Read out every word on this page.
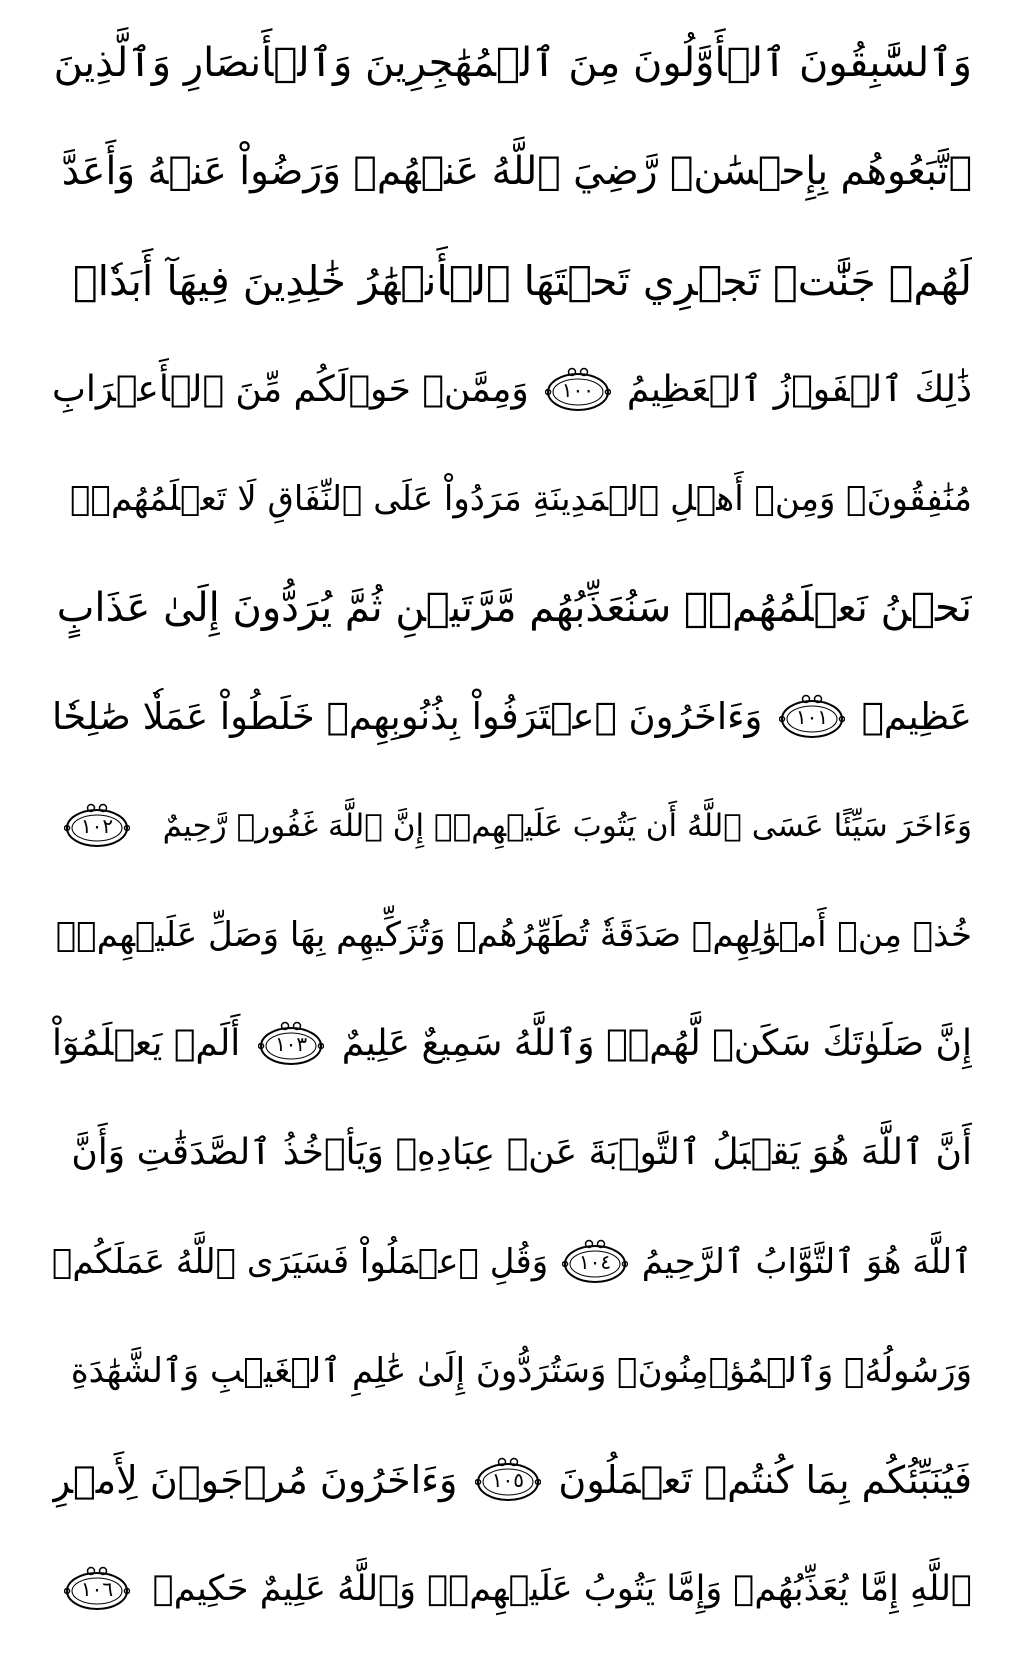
وَٱلسَّٰبِقُونَ ٱلۡأَوَّلُونَ مِنَ ٱلۡمُهَٰجِرِينَ وَٱلۡأَنصَارِ وَٱلَّذِينَ
ٱتَّبَعُوهُم بِإِحۡسَٰنٖ رَّضِيَ ٱللَّهُ عَنۡهُمۡ وَرَضُواْ عَنۡهُ وَأَعَدَّ
لَهُمۡ جَنَّٰتٖ تَجۡرِي تَحۡتَهَا ٱلۡأَنۡهَٰرُ خَٰلِدِينَ فِيهَآ أَبَدٗاۚ
ذَٰلِكَ ٱلۡفَوۡزُ ٱلۡعَظِيمُ
١٠٠
وَمِمَّنۡ حَوۡلَكُم مِّنَ ٱلۡأَعۡرَابِ
مُنَٰفِقُونَۖ وَمِنۡ أَهۡلِ ٱلۡمَدِينَةِ مَرَدُواْ عَلَى ٱلنِّفَاقِ لَا تَعۡلَمُهُمۡۖ
نَحۡنُ نَعۡلَمُهُمۡۚ سَنُعَذِّبُهُم مَّرَّتَيۡنِ ثُمَّ يُرَدُّونَ إِلَىٰ عَذَابٍ
عَظِيمٖ
١٠١
وَءَاخَرُونَ ٱعۡتَرَفُواْ بِذُنُوبِهِمۡ خَلَطُواْ عَمَلٗا صَٰلِحٗا
وَءَاخَرَ سَيِّئًا عَسَى ٱللَّهُ أَن يَتُوبَ عَلَيۡهِمۡۚ إِنَّ ٱللَّهَ غَفُورٞ رَّحِيمٌ
١٠٢
خُذۡ مِنۡ أَمۡوَٰلِهِمۡ صَدَقَةٗ تُطَهِّرُهُمۡ وَتُزَكِّيهِم بِهَا وَصَلِّ عَلَيۡهِمۡۖ
إِنَّ صَلَوٰتَكَ سَكَنٞ لَّهُمۡۗ وَٱللَّهُ سَمِيعٌ عَلِيمٌ
١٠٣
أَلَمۡ يَعۡلَمُوٓاْ
أَنَّ ٱللَّهَ هُوَ يَقۡبَلُ ٱلتَّوۡبَةَ عَنۡ عِبَادِهِۦ وَيَأۡخُذُ ٱلصَّدَقَٰتِ وَأَنَّ
ٱللَّهَ هُوَ ٱلتَّوَّابُ ٱلرَّحِيمُ
١٠٤
وَقُلِ ٱعۡمَلُواْ فَسَيَرَى ٱللَّهُ عَمَلَكُمۡ
وَرَسُولُهُۥ وَٱلۡمُؤۡمِنُونَۖ وَسَتُرَدُّونَ إِلَىٰ عَٰلِمِ ٱلۡغَيۡبِ وَٱلشَّهَٰدَةِ
فَيُنَبِّئُكُم بِمَا كُنتُمۡ تَعۡمَلُونَ
١٠٥
وَءَاخَرُونَ مُرۡجَوۡنَ لِأَمۡرِ
ٱللَّهِ إِمَّا يُعَذِّبُهُمۡ وَإِمَّا يَتُوبُ عَلَيۡهِمۡۗ وَٱللَّهُ عَلِيمٌ حَكِيمٞ
١٠٦
